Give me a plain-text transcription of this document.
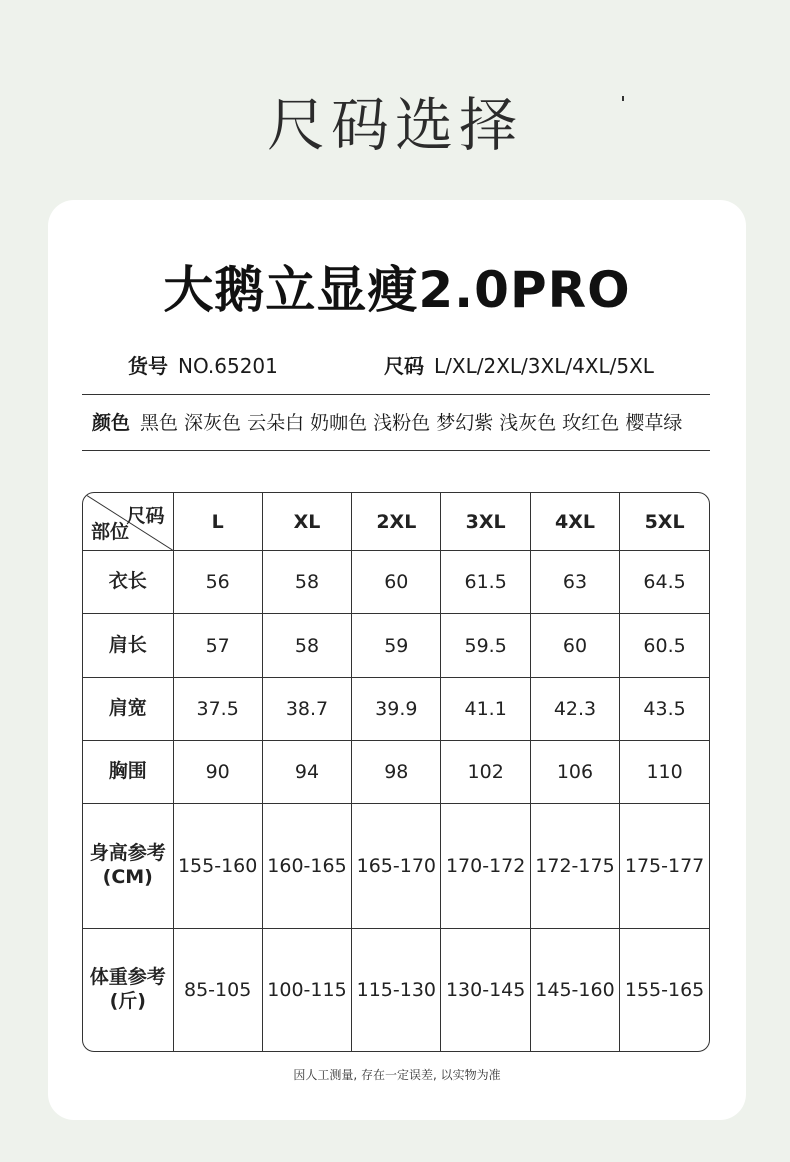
尺码选择
大鹅立显瘦2.0PRO
货号 NO.65201	尺码 L/XL/2XL/3XL/4XL/5XL
颜色 黑色 深灰色 云朵白 奶咖色 浅粉色 梦幻紫 浅灰色 玫红色 樱草绿
尺码
部位	L	XL	2XL	3XL	4XL	5XL
衣长	56	58	60	61.5	63	64.5
肩长	57	58	59	59.5	60	60.5
肩宽	37.5	38.7	39.9	41.1	42.3	43.5
胸围	90	94	98	102	106	110

身高参考
(CM)	155-160	160-165	165-170	170-172	172-175	175-177

体重参考
(斤)	85-105	100-115	115-130	130-145	145-160	155-165
因人工测量, 存在一定误差, 以实物为准
